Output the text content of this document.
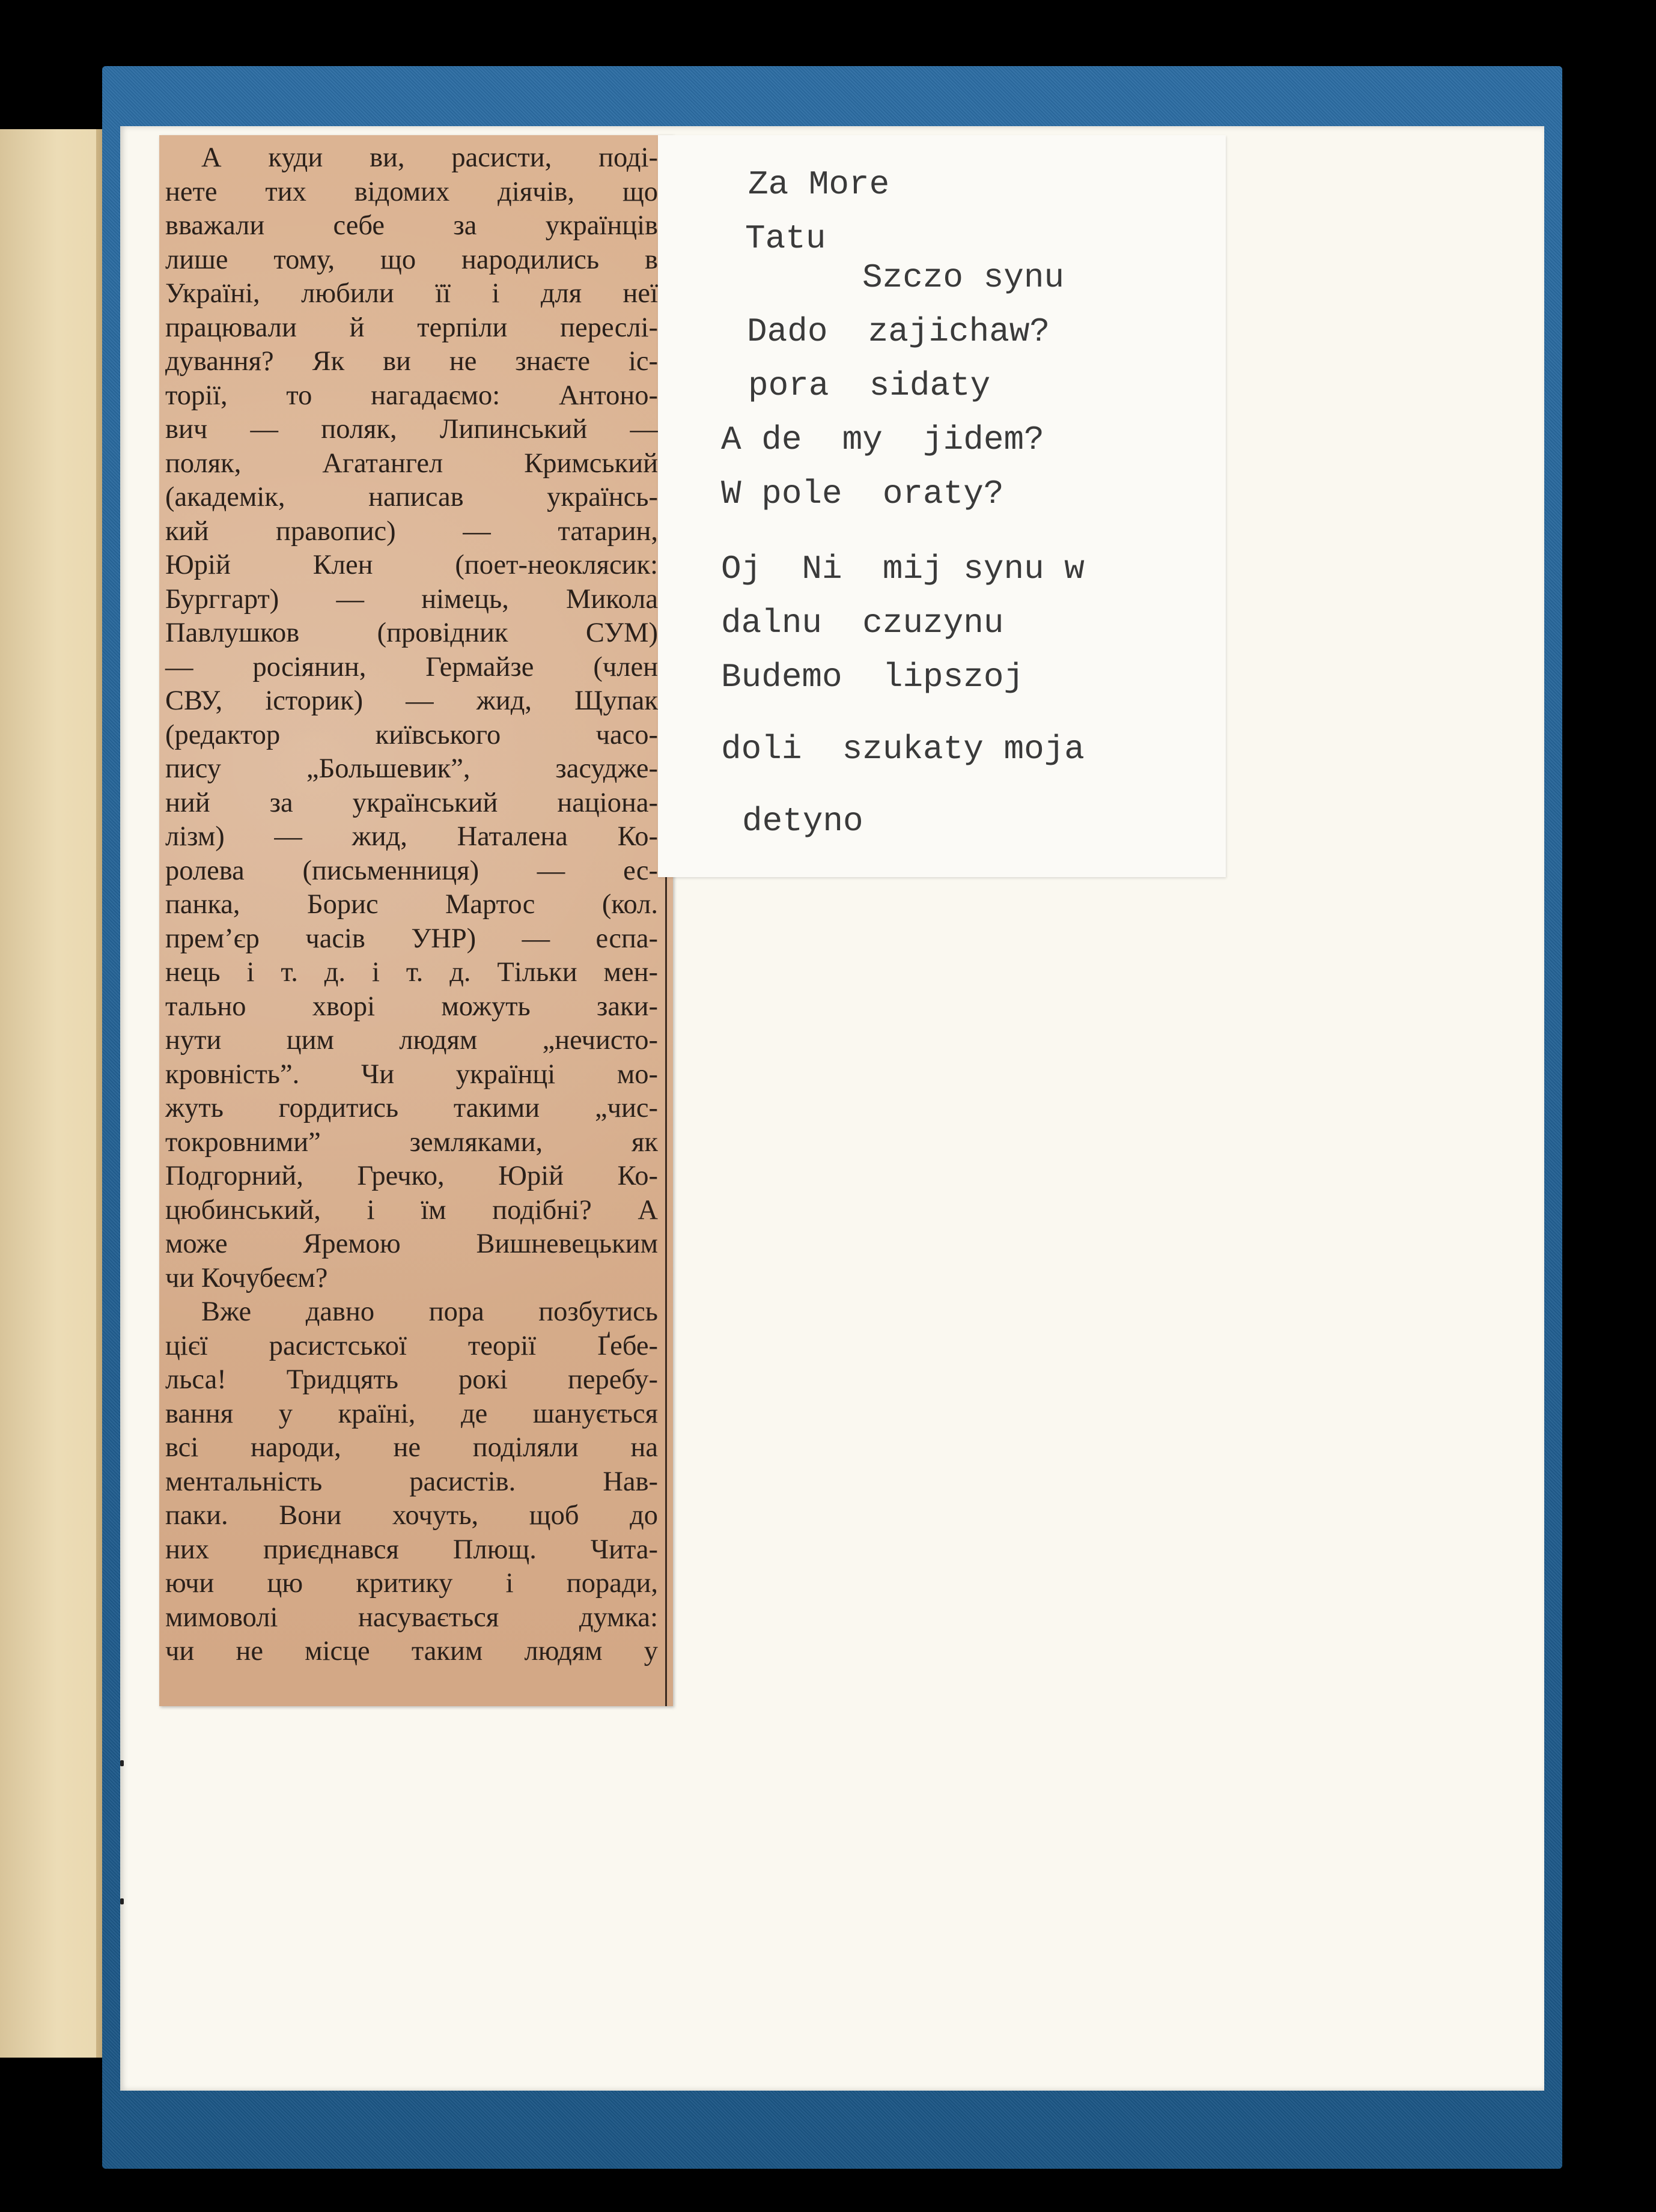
А куди ви, расисти, поді-
нете тих відомих діячів, що
вважали себе за українців
лише тому, що народились в
Україні, любили її і для неї
працювали й терпіли переслі-
дування? Як ви не знаєте іс-
торії, то нагадаємо: Антоно-
вич — поляк, Липинський —
поляк, Агатангел Кримський
(академік, написав українсь-
кий правопис) — татарин,
Юрій Клен (поет-неоклясик:
Бурггарт) — німець, Микола
Павлушков (провідник СУМ)
— росіянин, Гермайзе (член
СВУ, історик) — жид, Щупак
(редактор київського часо-
пису „Большевик”, засудже-
ний за український націона-
лізм) — жид, Наталена Ко-
ролева (письменниця) — ес-
панка, Борис Мартос (кол.
прем’єр часів УНР) — еспа-
нець і т. д. і т. д. Тільки мен-
тально хворі можуть заки-
нути цим людям „нечисто-
кровність”. Чи українці мо-
жуть гордитись такими „чис-
токровними” земляками, як
Подгорний, Гречко, Юрій Ко-
цюбинський, і їм подібні? А
може Яремою Вишневецьким
чи Кочубеєм?
Вже давно пора позбутись
цієї расистської теорії Ґебе-
льса! Тридцять рокі перебу-
вання у країні, де шанується
всі народи, не поділяли на
ментальність расистів. Нав-
паки. Вони хочуть, щоб до
них приєднався Плющ. Чита-
ючи цю критику і поради,
мимоволі насувається думка:
чи не місце таким людям у
Za More
Tatu
Szczo synu
Dado  zajichaw?
pora  sidaty
A de  my  jidem?
W pole  oraty?
Oj  Ni  mij synu w
dalnu  czuzynu
Budemo  lipszoj
doli  szukaty moja
detyno
